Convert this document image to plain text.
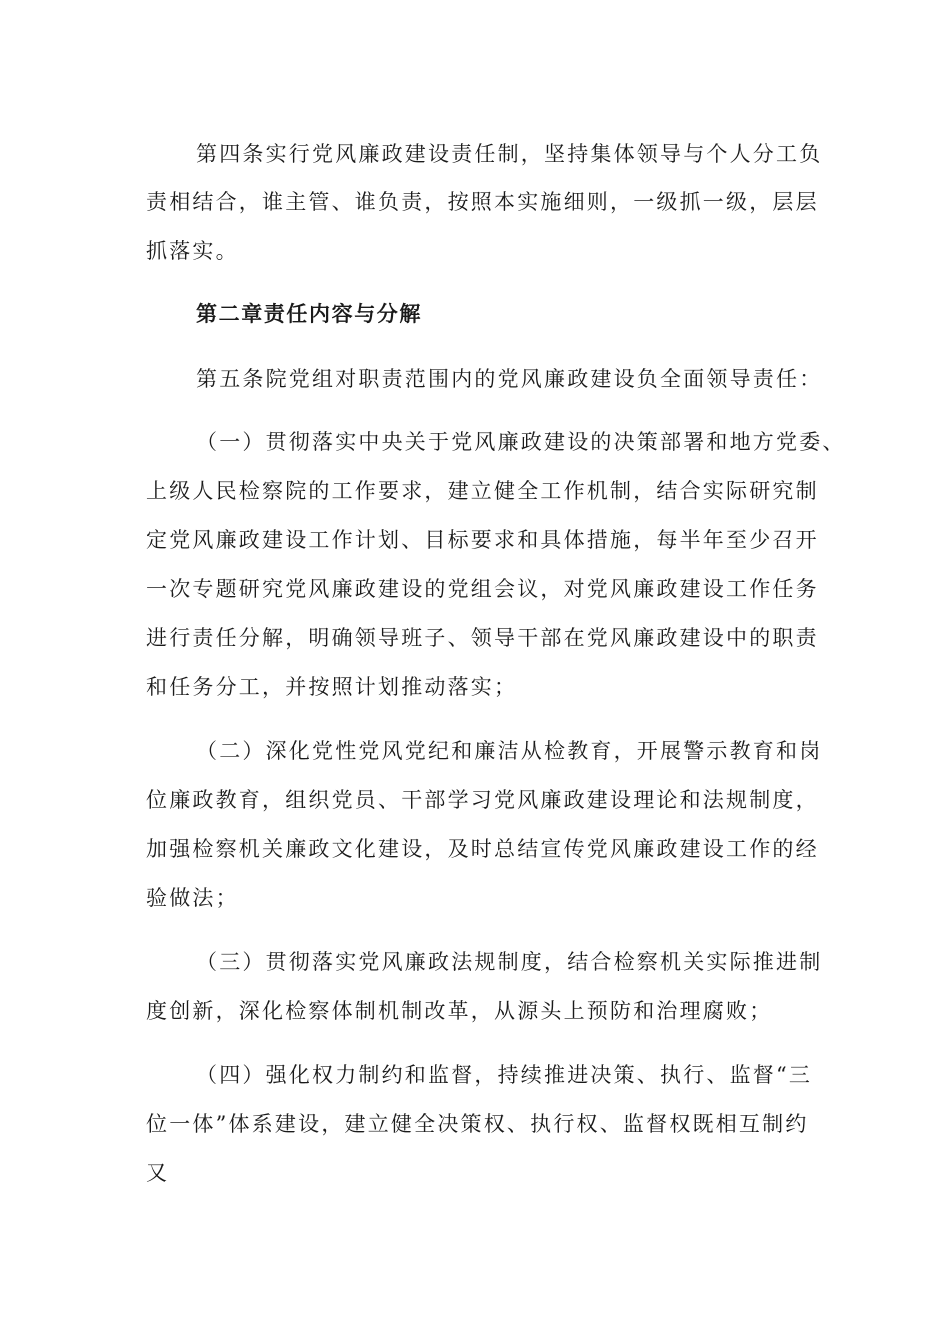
第四条实行党风廉政建设责任制，坚持集体领导与个人分工负
责相结合，谁主管、谁负责，按照本实施细则，一级抓一级，层层
抓落实。
第二章责任内容与分解
第五条院党组对职责范围内的党风廉政建设负全面领导责任：
（一）贯彻落实中央关于党风廉政建设的决策部署和地方党委、
上级人民检察院的工作要求，建立健全工作机制，结合实际研究制
定党风廉政建设工作计划、目标要求和具体措施，每半年至少召开
一次专题研究党风廉政建设的党组会议，对党风廉政建设工作任务
进行责任分解，明确领导班子、领导干部在党风廉政建设中的职责
和任务分工，并按照计划推动落实；
（二）深化党性党风党纪和廉洁从检教育，开展警示教育和岗
位廉政教育，组织党员、干部学习党风廉政建设理论和法规制度，
加强检察机关廉政文化建设，及时总结宣传党风廉政建设工作的经
验做法；
（三）贯彻落实党风廉政法规制度，结合检察机关实际推进制
度创新，深化检察体制机制改革，从源头上预防和治理腐败；
（四）强化权力制约和监督，持续推进决策、执行、监督“三
位一体”体系建设，建立健全决策权、执行权、监督权既相互制约
又
